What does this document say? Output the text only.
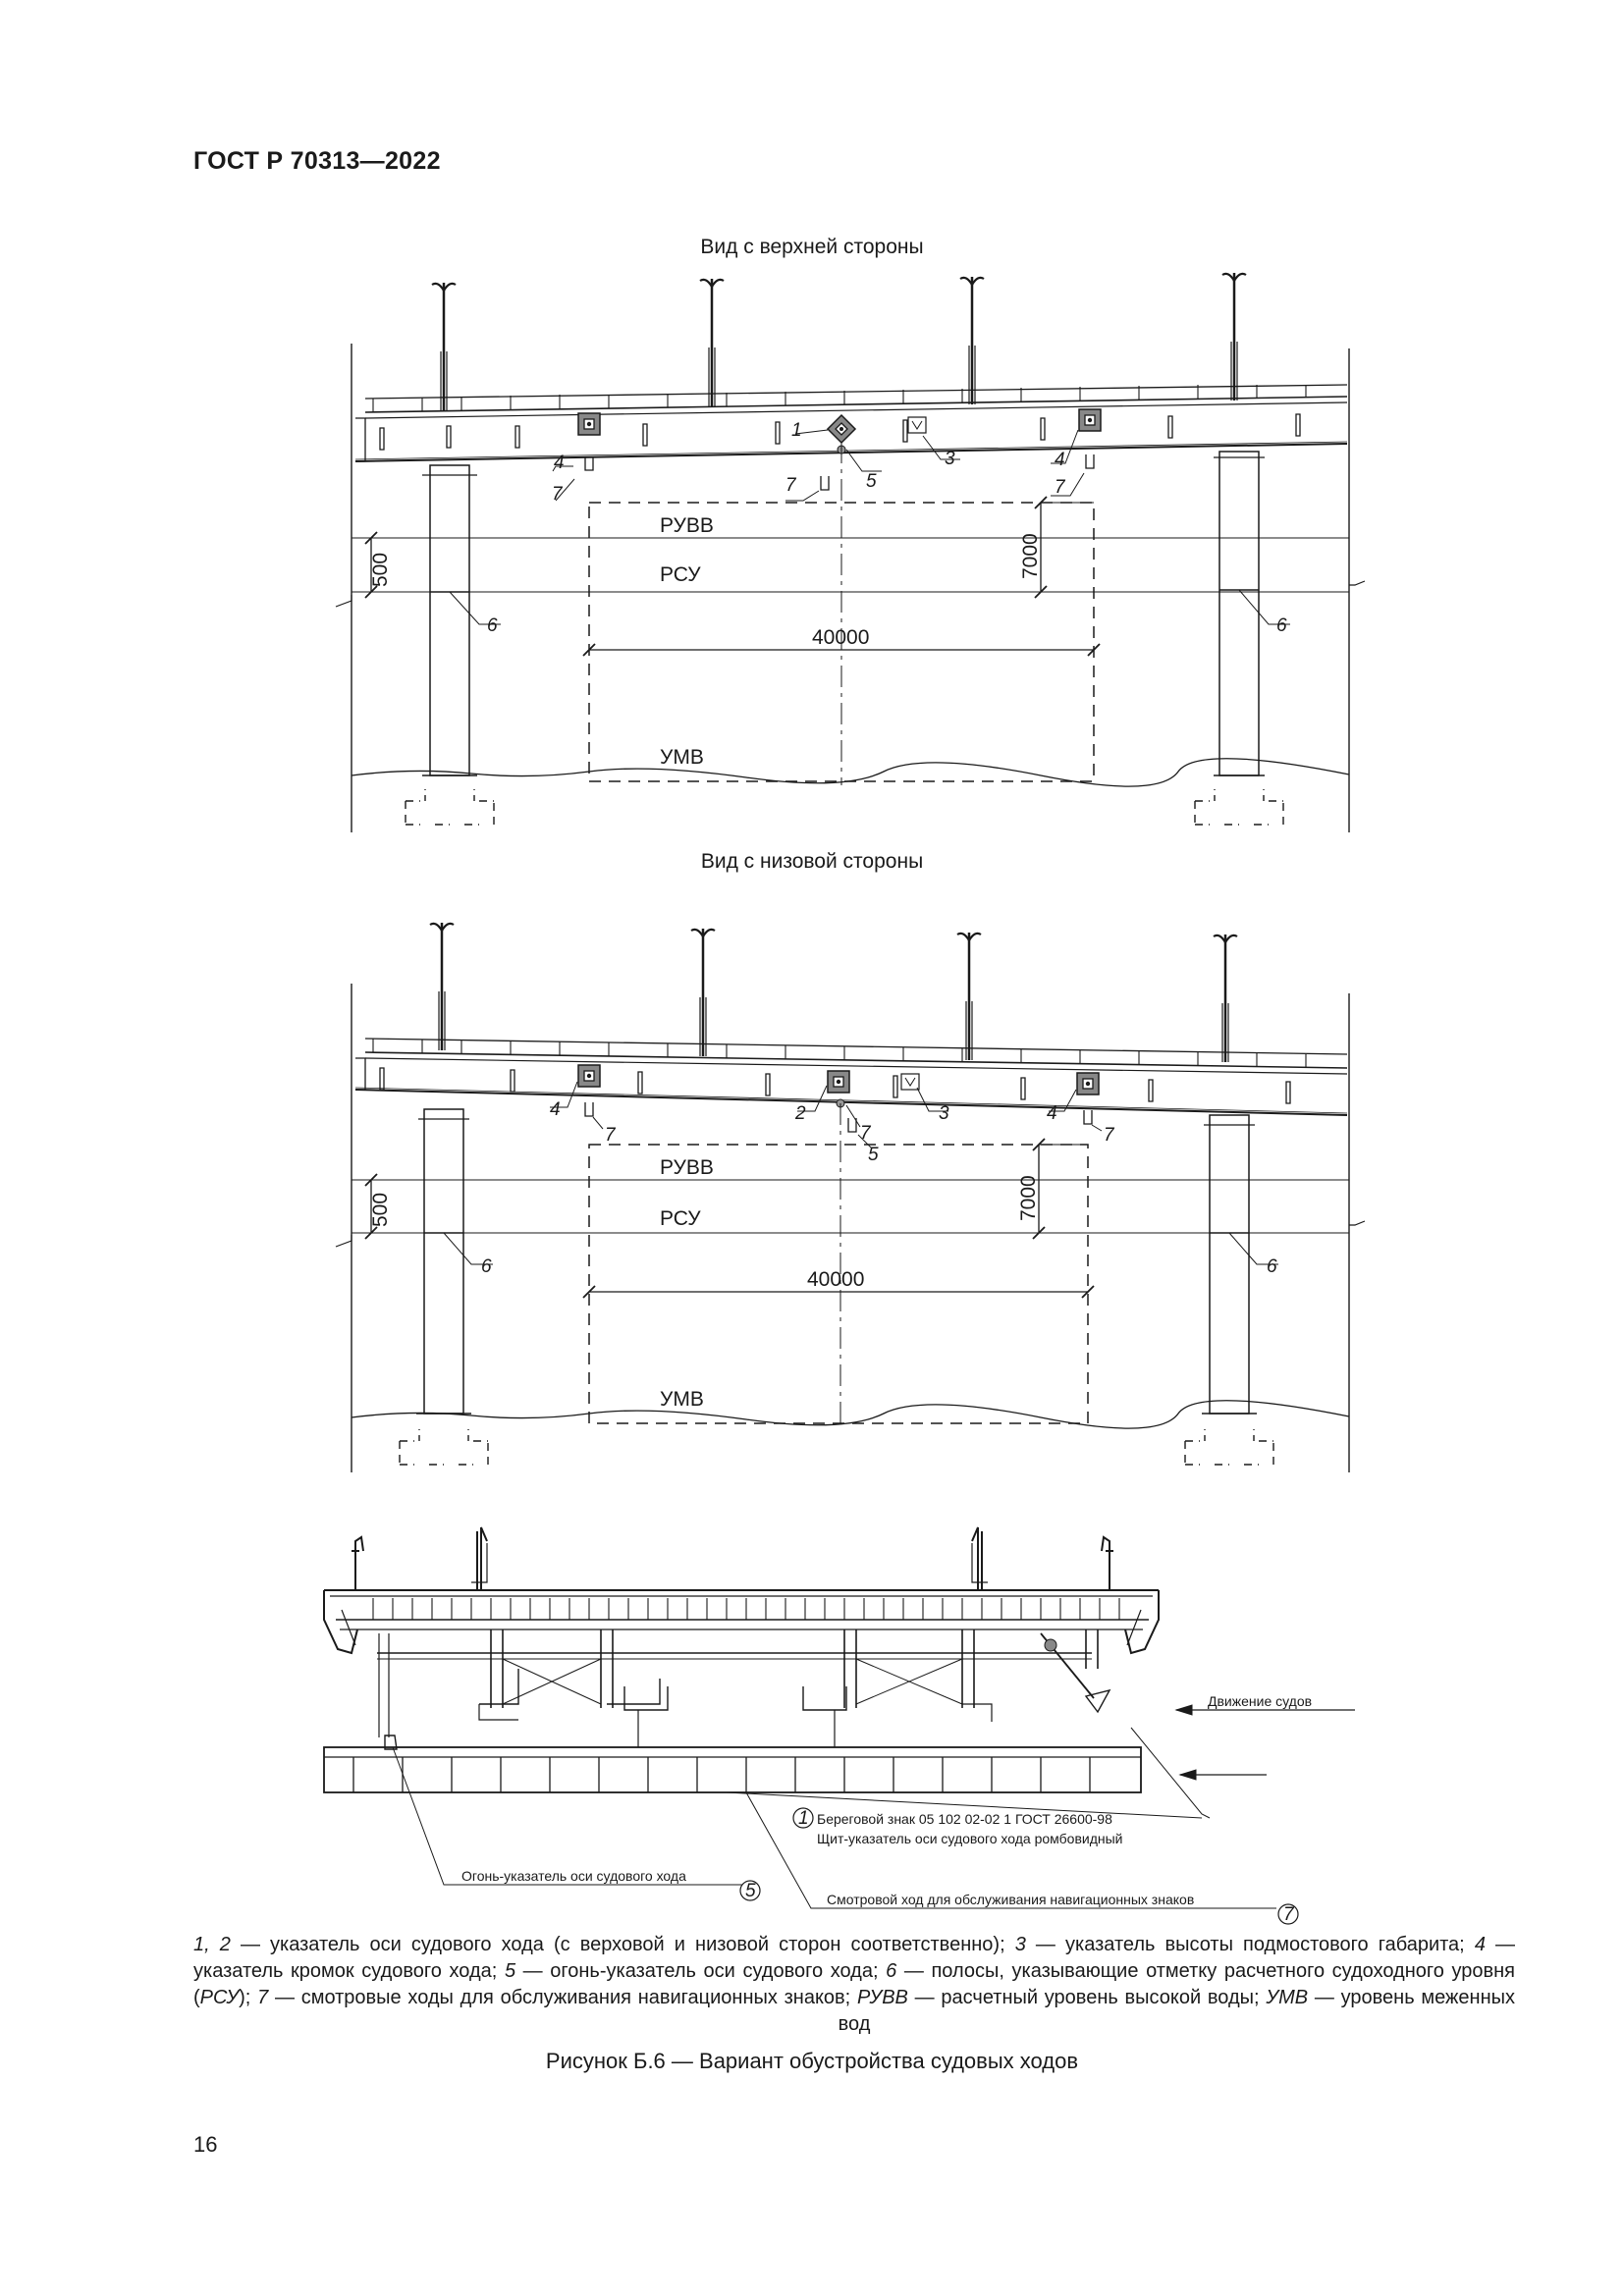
ГОСТ Р 70313—2022
Вид с верхней стороны
Вид с низовой стороны
РУВВ
РСУ
УМВ
40000
7000
500
1
5
3
4
7	7
4
7
6	6
РУВВ
РСУ
УМВ
40000
7000
500
4
7
2
7
5
3	4
7
6	6
1
5
7
Движение судов
Береговой знак 05 102 02-02 1 ГОСТ 26600-98
Щит-указатель оси судового хода ромбовидный
Огонь-указатель оси судового хода
Смотровой ход для обслуживания навигационных знаков
1, 2 — указатель оси судового хода (с верховой и низовой сторон соответственно); 3 — указатель высоты подмостового габарита; 4 — указатель кромок судового хода; 5 — огонь-указатель оси судового хода; 6 — полосы, указывающие отметку расчетного судоходного уровня (РСУ); 7 — смотровые ходы для обслуживания навигационных знаков; РУВВ — расчетный уровень высокой воды; УМВ — уровень меженных вод
Рисунок Б.6 — Вариант обустройства судовых ходов
16
